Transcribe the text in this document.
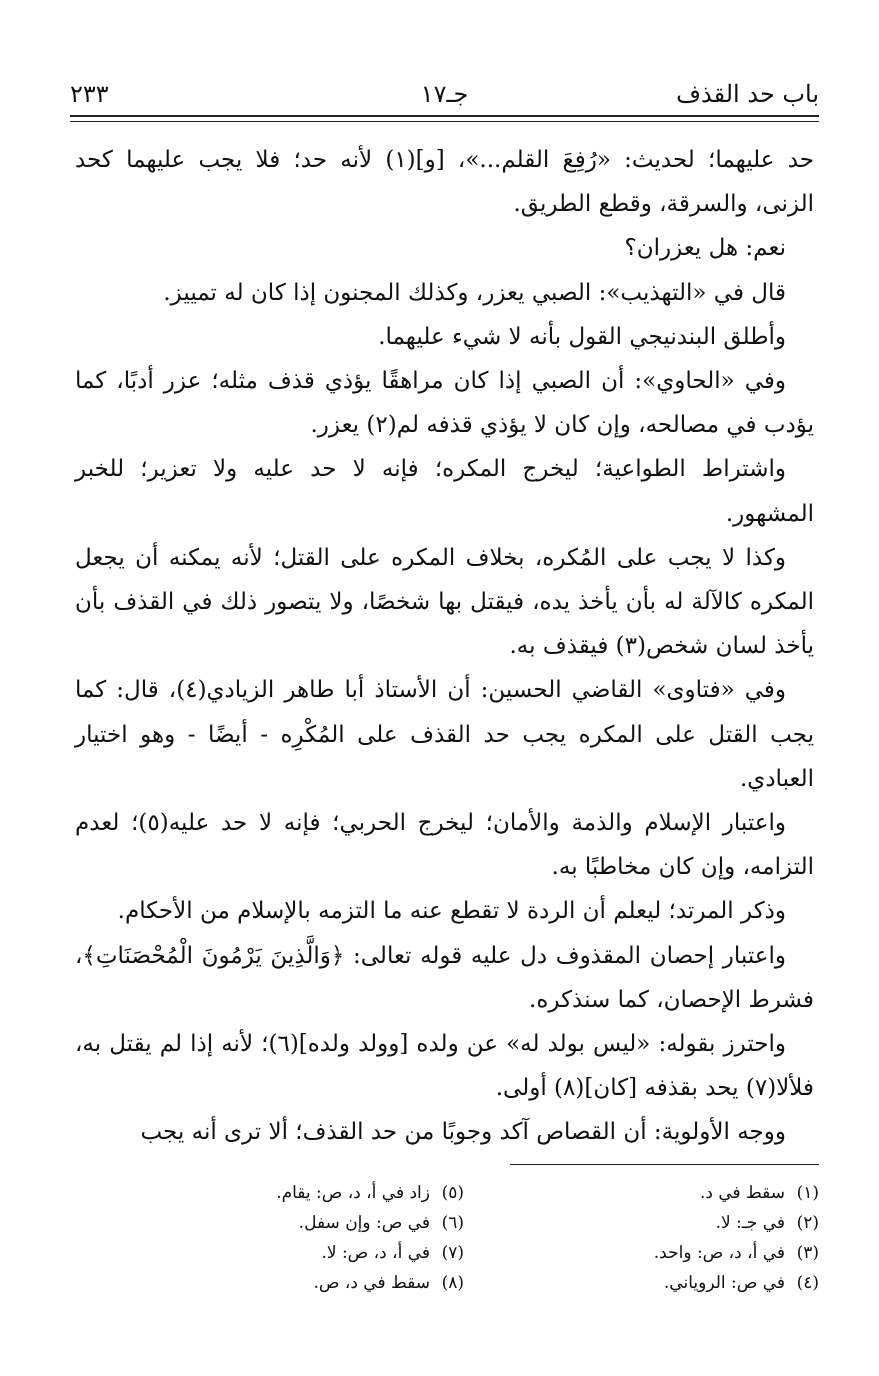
باب حد القذف
جـ١٧
٢٣٣

حد عليهما؛ لحديث: «رُفِعَ القلم...»، [و](١) لأنه حد؛ فلا يجب عليهما كحد الزنى، والسرقة، وقطع الطريق.

نعم: هل يعزران؟

قال في «التهذيب»: الصبي يعزر، وكذلك المجنون إذا كان له تمييز.

وأطلق البندنيجي القول بأنه لا شيء عليهما.

وفي «الحاوي»: أن الصبي إذا كان مراهقًا يؤذي قذف مثله؛ عزر أدبًا، كما يؤدب في مصالحه، وإن كان لا يؤذي قذفه لم(٢) يعزر.

واشتراط الطواعية؛ ليخرج المكره؛ فإنه لا حد عليه ولا تعزير؛ للخبر المشهور.

وكذا لا يجب على المُكره، بخلاف المكره على القتل؛ لأنه يمكنه أن يجعل المكره كالآلة له بأن يأخذ يده، فيقتل بها شخصًا، ولا يتصور ذلك في القذف بأن يأخذ لسان شخص(٣) فيقذف به.

وفي «فتاوى» القاضي الحسين: أن الأستاذ أبا طاهر الزيادي(٤)، قال: كما يجب القتل على المكره يجب حد القذف على المُكْرِه - أيضًا - وهو اختيار العبادي.

واعتبار الإسلام والذمة والأمان؛ ليخرج الحربي؛ فإنه لا حد عليه(٥)؛ لعدم التزامه، وإن كان مخاطبًا به.

وذكر المرتد؛ ليعلم أن الردة لا تقطع عنه ما التزمه بالإسلام من الأحكام.

واعتبار إحصان المقذوف دل عليه قوله تعالى: ﴿وَالَّذِينَ يَرْمُونَ الْمُحْصَنَاتِ﴾، فشرط الإحصان، كما سنذكره.

واحترز بقوله: «ليس بولد له» عن ولده [وولد ولده](٦)؛ لأنه إذا لم يقتل به، فلألا(٧) يحد بقذفه [كان](٨) أولى.

ووجه الأولوية: أن القصاص آكد وجوبًا من حد القذف؛ ألا ترى أنه يجب

(١)سقط في د.
(٢)في جـ: لا.
(٣)في أ، د، ص: واحد.
(٤)في ص: الروياني.
(٥)زاد في أ، د، ص: يقام.
(٦)في ص: وإن سفل.
(٧)في أ، د، ص: لا.
(٨)سقط في د، ص.
